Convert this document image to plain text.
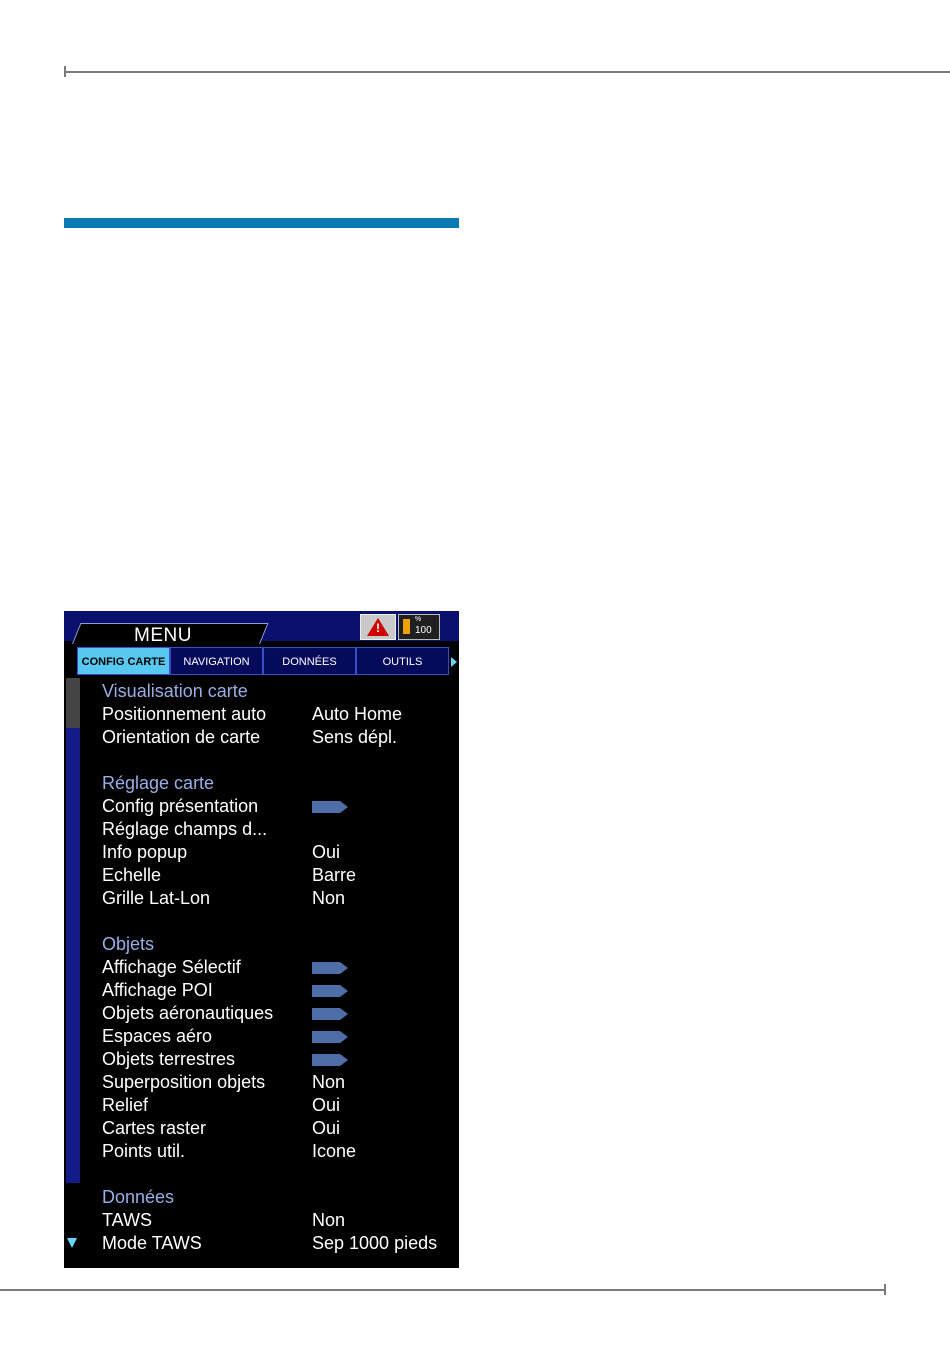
MENU	!
%
100
CONFIG CARTE	NAVIGATION	DONNÉES	OUTILS
Visualisation carte
Positionnement auto	Auto Home
Orientation de carte	Sens dépl.
Réglage carte
Config présentation
Réglage champs d...
Info popup	Oui
Echelle	Barre
Grille Lat-Lon	Non
Objets
Affichage Sélectif
Affichage POI
Objets aéronautiques
Espaces aéro
Objets terrestres
Superposition objets	Non
Relief	Oui
Cartes raster	Oui
Points util.	Icone
Données
TAWS	Non
Mode TAWS	Sep 1000 pieds
